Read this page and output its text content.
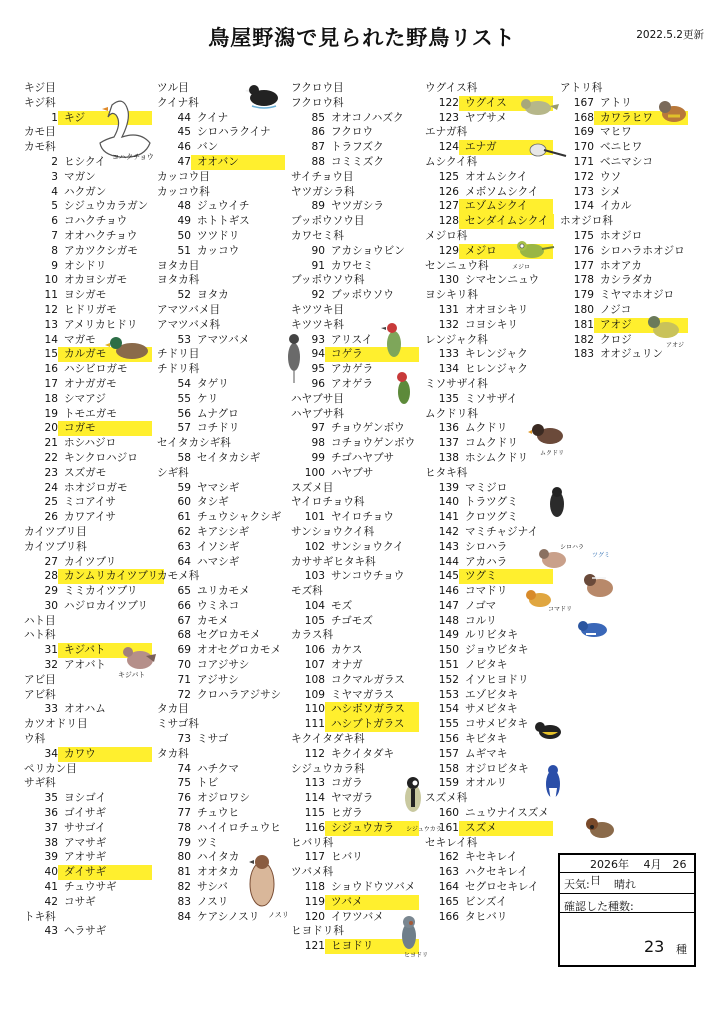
鳥屋野潟で見られた野鳥リスト	2022.5.2更新
キジ目
キジ科
1 キジ
カモ目
カモ科
2 ヒシクイ
3 マガン
4 ハクガン
5 シジュウカラガン
6 コハクチョウ
7 オオハクチョウ
8 アカツクシガモ
9 オシドリ
10 オカヨシガモ
11 ヨシガモ
12 ヒドリガモ
13 アメリカヒドリ
14 マガモ
15 カルガモ
16 ハシビロガモ
17 オナガガモ
18 シマアジ
19 トモエガモ
20 コガモ
21 ホシハジロ
22 キンクロハジロ
23 スズガモ
24 ホオジロガモ
25 ミコアイサ
26 カワアイサ
カイツブリ目
カイツブリ科
27 カイツブリ
28 カンムリカイツブリ
29 ミミカイツブリ
30 ハジロカイツブリ
ハト目
ハト科
31 キジバト
32 アオバト
アビ目
アビ科
33 オオハム
カツオドリ目
ウ科
34 カワウ
ペリカン目
サギ科
35 ヨシゴイ
36 ゴイサギ
37 ササゴイ
38 アマサギ
39 アオサギ
40 ダイサギ
41 チュウサギ
42 コサギ
トキ科
43 ヘラサギ
ツル目
クイナ科
44 クイナ
45 シロハラクイナ
46 バン
47 オオバン
カッコウ目
カッコウ科
48 ジュウイチ
49 ホトトギス
50 ツツドリ
51 カッコウ
ヨタカ目
ヨタカ科
52 ヨタカ
アマツバメ目
アマツバメ科
53 アマツバメ
チドリ目
チドリ科
54 タゲリ
55 ケリ
56 ムナグロ
57 コチドリ
セイタカシギ科
58 セイタカシギ
シギ科
59 ヤマシギ
60 タシギ
61 チュウシャクシギ
62 キアシシギ
63 イソシギ
64 ハマシギ
カモメ科
65 ユリカモメ
66 ウミネコ
67 カモメ
68 セグロカモメ
69 オオセグロカモメ
70 コアジサシ
71 アジサシ
72 クロハラアジサシ
タカ目
ミサゴ科
73 ミサゴ
タカ科
74 ハチクマ
75 トビ
76 オジロワシ
77 チュウヒ
78 ハイイロチュウヒ
79 ツミ
80 ハイタカ
81 オオタカ
82 サシバ
83 ノスリ
84 ケアシノスリ
フクロウ目
フクロウ科
85 オオコノハズク
86 フクロウ
87 トラフズク
88 コミミズク
サイチョウ目
ヤツガシラ科
89 ヤツガシラ
ブッポウソウ目
カワセミ科
90 アカショウビン
91 カワセミ
ブッポウソウ科
92 ブッポウソウ
キツツキ目
キツツキ科
93 アリスイ
94 コゲラ
95 アカゲラ
96 アオゲラ
ハヤブサ目
ハヤブサ科
97 チョウゲンボウ
98 コチョウゲンボウ
99 チゴハヤブサ
100 ハヤブサ
スズメ目
ヤイロチョウ科
101 ヤイロチョウ
サンショウクイ科
102 サンショウクイ
カササギヒタキ科
103 サンコウチョウ
モズ科
104 モズ
105 チゴモズ
カラス科
106 カケス
107 オナガ
108 コクマルガラス
109 ミヤマガラス
110 ハシボソガラス
111 ハシブトガラス
キクイタダキ科
112 キクイタダキ
シジュウカラ科
113 コガラ
114 ヤマガラ
115 ヒガラ
116 シジュウカラ
ヒバリ科
117 ヒバリ
ツバメ科
118 ショウドウツバメ
119 ツバメ
120 イワツバメ
ヒヨドリ科
121 ヒヨドリ
ウグイス科
122 ウグイス
123 ヤブサメ
エナガ科
124 エナガ
ムシクイ科
125 オオムシクイ
126 メボソムシクイ
127 エゾムシクイ
128 センダイムシクイ
メジロ科
129 メジロ
センニュウ科
130 シマセンニュウ
ヨシキリ科
131 オオヨシキリ
132 コヨシキリ
レンジャク科
133 キレンジャク
134 ヒレンジャク
ミソサザイ科
135 ミソサザイ
ムクドリ科
136 ムクドリ
137 コムクドリ
138 ホシムクドリ
ヒタキ科
139 マミジロ
140 トラツグミ
141 クロツグミ
142 マミチャジナイ
143 シロハラ
144 アカハラ
145 ツグミ
146 コマドリ
147 ノゴマ
148 コルリ
149 ルリビタキ
150 ジョウビタキ
151 ノビタキ
152 イソヒヨドリ
153 エゾビタキ
154 サメビタキ
155 コサメビタキ
156 キビタキ
157 ムギマキ
158 オジロビタキ
159 オオルリ
スズメ科
160 ニュウナイスズメ
161 スズメ
セキレイ科
162 キセキレイ
163 ハクセキレイ
164 セグロセキレイ
165 ビンズイ
166 タヒバリ
アトリ科
167 アトリ
168 カワラヒワ
169 マヒワ
170 ベニヒワ
171 ベニマシコ
172 ウソ
173 シメ
174 イカル
ホオジロ科
175 ホオジロ
176 シロハラホオジロ
177 ホオアカ
178 カシラダカ
179 ミヤマホオジロ
180 ノジコ
181 アオジ
182 クロジ
183 オオジュリン
コハクチョウ
キジバト
ノスリ
シジュウカラ
ヒヨドリ
メジロ
ムクドリ
シロハラ
ツグミ
コマドリ
アオジ
2026年　 4月　26日
天気: 晴れ
確認した種数:
23 種
